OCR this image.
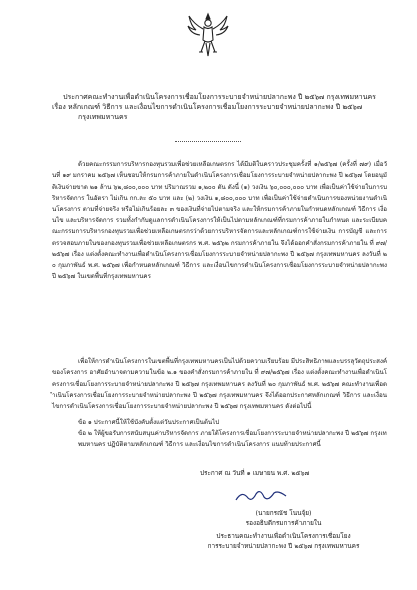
ประกาศคณะทำงานเพื่อดำเนินโครงการเชื่อมโยงการระบายจำหน่ายปลากะพง ปี ๒๕๖๗ กรุงเทพมหานคร
เรื่อง หลักเกณฑ์ วิธีการ และเงื่อนไขการดำเนินโครงการเชื่อมโยงการระบายจำหน่ายปลากะพง ปี ๒๕๖๗
กรุงเทพมหานคร

ด้วยคณะกรรมการบริหารกองทุนรวมเพื่อช่วยเหลือเกษตรกร ได้มีมติในคราวประชุมครั้งที่ ๑/๒๕๖๗ (ครั้งที่ ๗๙) เมื่อวันที่ ๑๙ มกราคม ๒๕๖๗ เห็นชอบให้กรมการค้าภายในดำเนินโครงการเชื่อมโยงการระบายจำหน่ายปลากะพง ปี ๒๕๖๗ โดยอนุมัติเงินจ่ายขาด ๒๑ ล้าน ๖๒,๘๐๐,๐๐๐ บาท ปริมาณรวม ๑,๒๐๐ ตัน ดังนี้ (๑) วงเงิน ๖๐,๐๐๐,๐๐๐ บาท เพื่อเป็นค่าใช้จ่ายในการบริหารจัดการ ในอัตรา ไม่เกิน กก.ละ ๕๐ บาท และ (๒) วงเงิน ๑,๘๐๐,๐๐๐ บาท เพื่อเป็นค่าใช้จ่ายดำเนินการของหน่วยงานดำเนินโครงการ ตามที่จ่ายจริง หรือไม่เกินร้อยละ ๓ ของเงินที่จ่ายไปตามจริง และให้กรมการค้าภายในกำหนดหลักเกณฑ์ วิธีการ เงื่อนไข และบริหารจัดการ รวมทั้งกำกับดูแลการดำเนินโครงการให้เป็นไปตามหลักเกณฑ์ที่กรมการค้าภายในกำหนด และระเบียบคณะกรรมการบริหารกองทุนรวมเพื่อช่วยเหลือเกษตรกรว่าด้วยการบริหารจัดการและหลักเกณฑ์การใช้จ่ายเงิน การบัญชี และการตรวจสอบภายในของกองทุนรวมเพื่อช่วยเหลือเกษตรกร พ.ศ. ๒๕๖๒ กรมการค้าภายใน จึงได้ออกคำสั่งกรมการค้าภายใน ที่ ๙๗/๒๕๖๗ เรื่อง แต่งตั้งคณะทำงานเพื่อดำเนินโครงการเชื่อมโยงการระบายจำหน่ายปลากะพง ปี ๒๕๖๗ กรุงเทพมหานคร ลงวันที่ ๒๐ กุมภาพันธ์ พ.ศ. ๒๕๖๗ เพื่อกำหนดหลักเกณฑ์ วิธีการ และเงื่อนไขการดำเนินโครงการเชื่อมโยงการระบายจำหน่ายปลากะพง ปี ๒๕๖๗ ในเขตพื้นที่กรุงเทพมหานคร

เพื่อให้การดำเนินโครงการในเขตพื้นที่กรุงเทพมหานครเป็นไปด้วยความเรียบร้อย มีประสิทธิภาพและบรรลุวัตถุประสงค์ของโครงการ อาศัยอำนาจตามความในข้อ ๒.๑ ของคำสั่งกรมการค้าภายใน ที่ ๙๗/๒๕๖๗ เรื่อง แต่งตั้งคณะทำงานเพื่อดำเนินโครงการเชื่อมโยงการระบายจำหน่ายปลากะพง ปี ๒๕๖๗ กรุงเทพมหานคร ลงวันที่ ๒๐ กุมภาพันธ์ พ.ศ. ๒๕๖๗ คณะทำงานเพื่อดำเนินโครงการเชื่อมโยงการระบายจำหน่ายปลากะพง ปี ๒๕๖๗ กรุงเทพมหานคร จึงได้ออกประกาศหลักเกณฑ์ วิธีการ และเงื่อนไขการดำเนินโครงการเชื่อมโยงการระบายจำหน่ายปลากะพง ปี ๒๕๖๗ กรุงเทพมหานคร ดังต่อไปนี้

ข้อ ๑ ประกาศนี้ให้ใช้บังคับตั้งแต่วันประกาศเป็นต้นไป
ข้อ ๒ ให้ผู้ขอรับการสนับสนุนค่าบริหารจัดการ ภายใต้โครงการเชื่อมโยงการระบายจำหน่ายปลากะพง ปี ๒๕๖๗ กรุงเทพมหานคร ปฏิบัติตามหลักเกณฑ์ วิธีการ และเงื่อนไขการดำเนินโครงการ แนบท้ายประกาศนี้
ประกาศ ณ วันที่ ๑ เมษายน พ.ศ. ๒๕๖๗
(นายกรณัช โนนจุ้ย)
รองอธิบดีกรมการค้าภายใน
ประธานคณะทำงานเพื่อดำเนินโครงการเชื่อมโยง
การระบายจำหน่ายปลากะพง ปี ๒๕๖๗ กรุงเทพมหานคร
